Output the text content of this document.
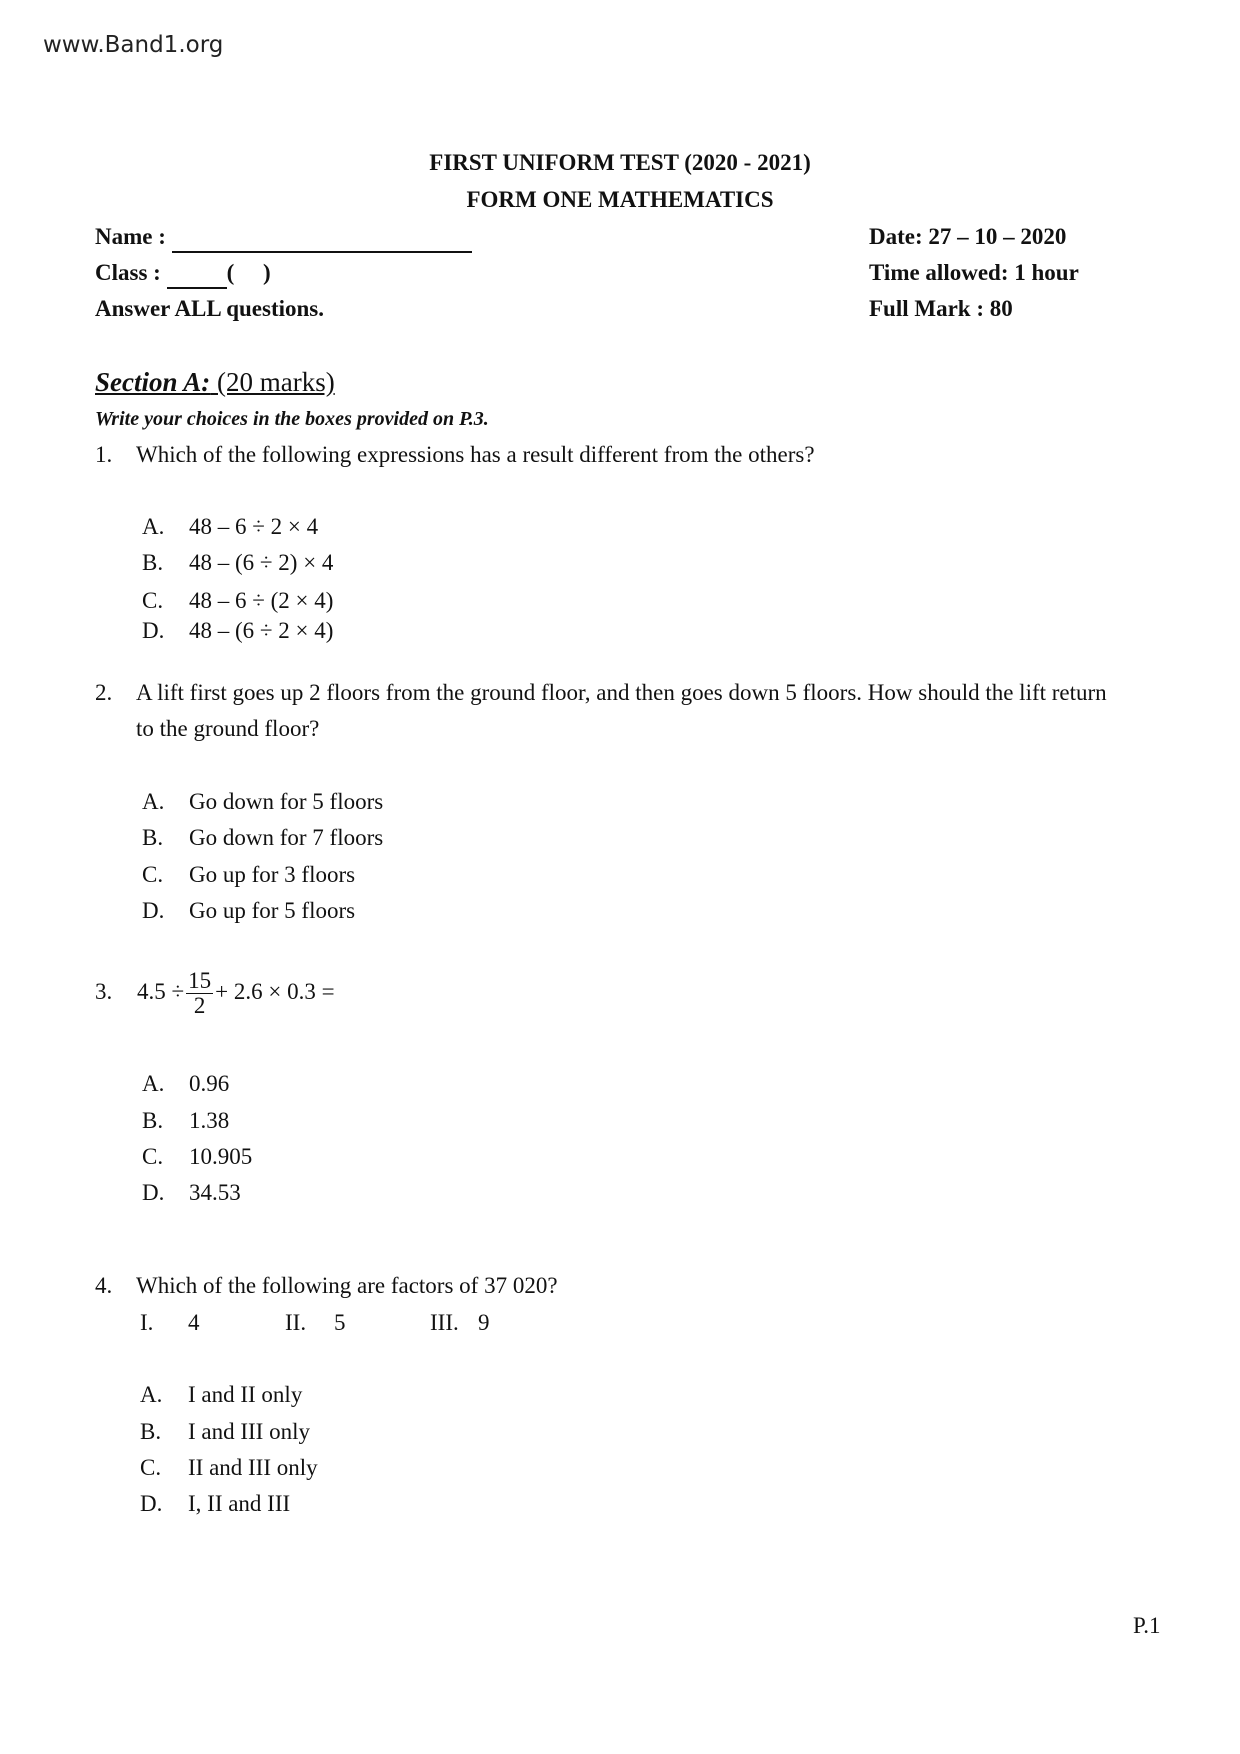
www.Band1.org
FIRST UNIFORM TEST (2020 - 2021)
FORM ONE MATHEMATICS
Name :
Class :	(     )
Answer ALL questions.
Date: 27 – 10 – 2020
Time allowed: 1 hour
Full Mark : 80
Section A: (20 marks)
Write your choices in the boxes provided on P.3.
1. Which of the following expressions has a result different from the others?
A. 48 – 6 ÷ 2 × 4
B. 48 – (6 ÷ 2) × 4
C. 48 – 6 ÷ (2 × 4)
D. 48 – (6 ÷ 2 × 4)
2. A lift first goes up 2 floors from the ground floor, and then goes down 5 floors. How should the lift return
to the ground floor?
A. Go down for 5 floors
B. Go down for 7 floors
C. Go up for 3 floors
D. Go up for 5 floors
3. $4.5 \div \frac{15}{2} + 2.6 \times 0.3$ =
A. 0.96
B. 1.38
C. 10.905
D. 34.53
4. Which of the following are factors of 37 020?
I. 4	II. 5	III. 9
A. I and II only
B. I and III only
C. II and III only
D. I, II and III
P.1
